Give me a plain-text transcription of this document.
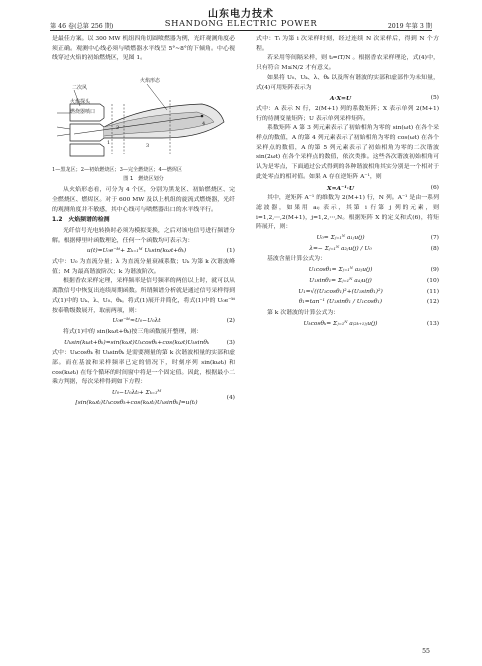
山东电力技术
第 46 卷(总第 256 期)	SHANDONG ELECTRIC POWER	2019 年第 3 期

是最佳方案。以 300 MW 机组四角切圆喷燃器为例，光纤观测角度必须正确。观测中心线必须与喷燃器水平线呈 5°~8°的下倾角。中心视线穿过火焰的初始燃烧区，见图 1。

二次风
火焰形态
火焰探头
燃烧器喷口
1
2
3
4
1—黑龙区；2—初始燃烧区；3—完全燃烧区；4—燃烬区
图 1　燃烧区划分

从火焰形态看，可分为 4 个区，分别为黑龙区、初始燃烧区、完全燃烧区、燃烬区。对于 600 MW 及以上机组的旋流式燃烧器，光纤的观测角度并不敏感，其中心线可与喷燃器出口的水平线平行。

1.2　火焰频谱的检测

光纤信号光电转换时必须为模拟变换，之后对该电信号进行频谱分解。根据傅里叶函数理论，任何一个函数均可表示为：

u(t)=U₀e⁻ᵏᵗ+ Σₖ₌₁ᴹ Uₖsin(kωt+θₖ)	(1)

式中：U₀ 为直流分量；λ 为直流分量衰减系数；Uₖ 为第 k 次谐波峰值；M 为最高谐波阶次；k 为谐波阶次。

根据香农采样定理，采样频率是信号频率的两倍以上时，就可以从离散信号中恢复出连续周期函数。所谓频谱分析就是通过信号采样得到式(1)中的 Uₖ、λ、U₀、θₖ。将式(1)展开并简化，将式(1)中的 U₀e⁻ᵏᵗ 按泰勒级数展开，取前两项，则：

U₀e⁻ᵏᵗ≈U₀−U₀λt	(2)

将式(1)中的 sin(kωt+θₖ)按三角函数展开整理，则：

Uₖsin(kωt+θₖ)=sin(kωt)Uₖcosθₖ+cos(kωt)Uₖsinθₖ	(3)

式中：Uₖcosθₖ 和 Uₖsinθₖ 是需要测量的第 k 次谐波相量的实部和虚部。而在基波和采样频率已定的情况下，时刻序列 sin(kωtᵢ) 和 cos(kωtᵢ) 在每个循环的时间窗中将是一个固定值。因此，根据最小二乘方判据，每次采样得到如下方程：

U₀−U₀λtᵢ+ Σₖ₌₁ᴹ [sin(kωtᵢ)Uₖcosθₖ+cos(kωtᵢ)Uₖsinθₖ]=u(tᵢ)
(4)

式中：Tᵢ 为第 i 次采样时刻，经过连续 N 次采样后，得到 N 个方程。

若采用等间隔采样，则 tᵢ=iT/N 。根据香农采样理论，式(4)中，只有符合 M≤N/2 才有意义。

如果将 U₀、Uₖ、λ、θₖ 以及所有谐波的实部和虚部作为未知量，式(4)可用矩阵表示为

A·X=U	(5)

式中：A 表示 N 行，2(M+1) 列的系数矩阵；X 表示单列 2(M+1) 行的待测变量矩阵；U 表示单列采样矩阵。

系数矩阵 A 第 3 列元素表示了初始相角为零的 sin(ωt) 在各个采样点的数值，A 的第 4 列元素表示了初始相角为零的 cos(ωt) 在各个采样点的数值，A 的第 5 列元素表示了初始相角为零的二次谐波 sin(2ωt) 在各个采样点的数值，依次类推。这些各次谐波初始相角可认为是零点，下面通过公式得到的各种谐波相角其实分别是一个相对于此处零点的相对值。如果 A 存在逆矩阵 A⁻¹，则

X=A⁻¹·U	(6)

其中，逆矩阵 A⁻¹ 的维数为 2(M+1) 行，N 列。A⁻¹ 是由一系列滤波器，如果用 aᵢⱼ 表示，其第 i 行第 j 列的元素，则 i=1,2,⋯,2(M+1)，j=1,2,⋯,N。根据矩阵 X 的定义和式(6)，将矩阵展开，则：

U₀= Σⱼ₌₁ᴺ a₁ⱼu(j)	(7)
λ=− Σⱼ₌₁ᴺ a₂ⱼu(j) / U₀	(8)

基波含量计算公式为：

U₁cosθ₁= Σⱼ₌₁ᴺ a₃ⱼu(j)	(9)
U₁sinθ₁= Σⱼ₌₁ᴺ a₄ⱼu(j)	(10)
U₁=√((U₁cosθ₁)²+(U₁sinθ₁)²)	(11)
θ₁=tan⁻¹ (U₁sinθ₁ / U₁cosθ₁)	(12)

第 k 次谐波的计算公式为：

Uₖcosθₖ= Σⱼ₌₁ᴺ a₍₂ₖ₊₁₎ⱼu(j)	(13)
55
